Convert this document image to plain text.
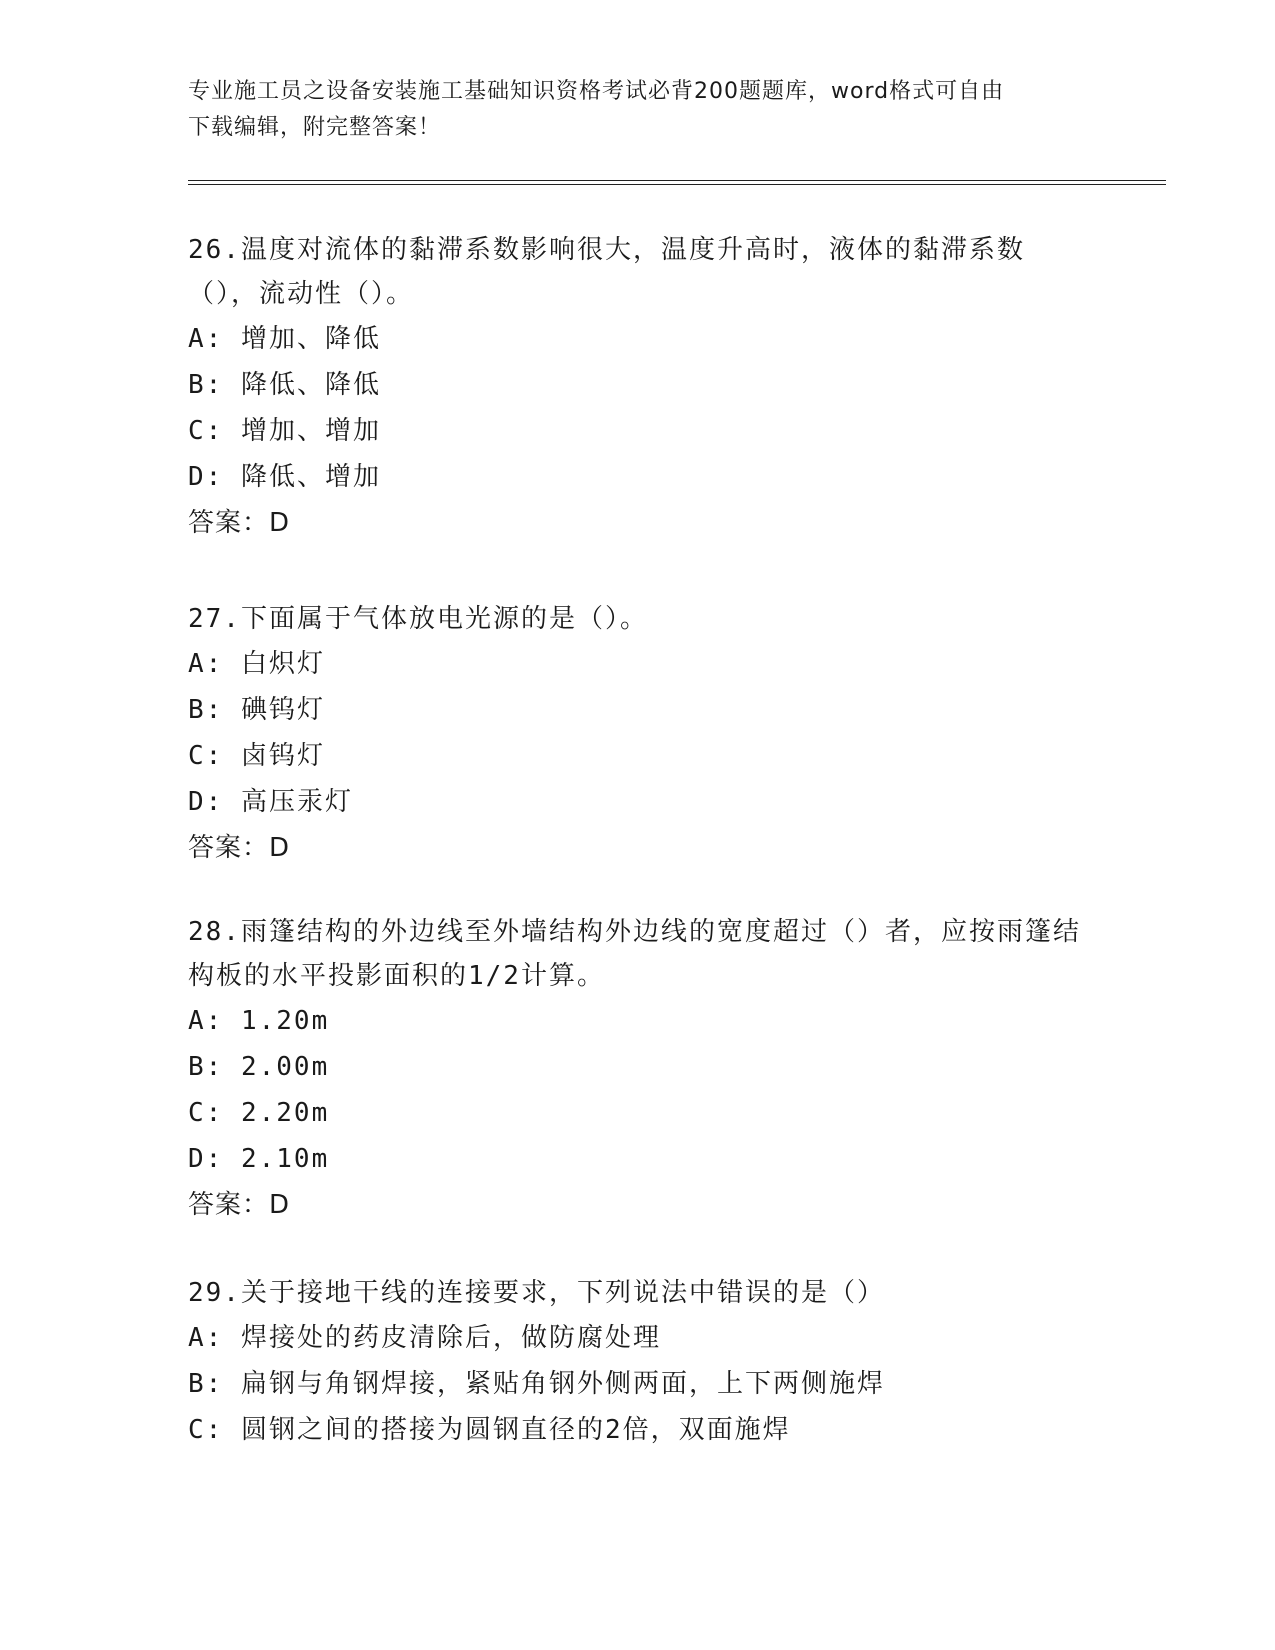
专业施工员之设备安装施工基础知识资格考试必背200题题库，word格式可自由
下载编辑，附完整答案！

26.温度对流体的黏滞系数影响很大，温度升高时，液体的黏滞系数（），流动性（）。

A: 增加、降低

B: 降低、降低

C: 增加、增加

D: 降低、增加

答案：D

27.下面属于气体放电光源的是（）。

A: 白炽灯

B: 碘钨灯

C: 卤钨灯

D: 高压汞灯

答案：D

28.雨篷结构的外边线至外墙结构外边线的宽度超过（）者，应按雨篷结构板的水平投影面积的1/2计算。

A: 1.20m

B: 2.00m

C: 2.20m

D: 2.10m

答案：D

29.关于接地干线的连接要求，下列说法中错误的是（）

A: 焊接处的药皮清除后，做防腐处理

B: 扁钢与角钢焊接，紧贴角钢外侧两面，上下两侧施焊

C: 圆钢之间的搭接为圆钢直径的2倍，双面施焊
